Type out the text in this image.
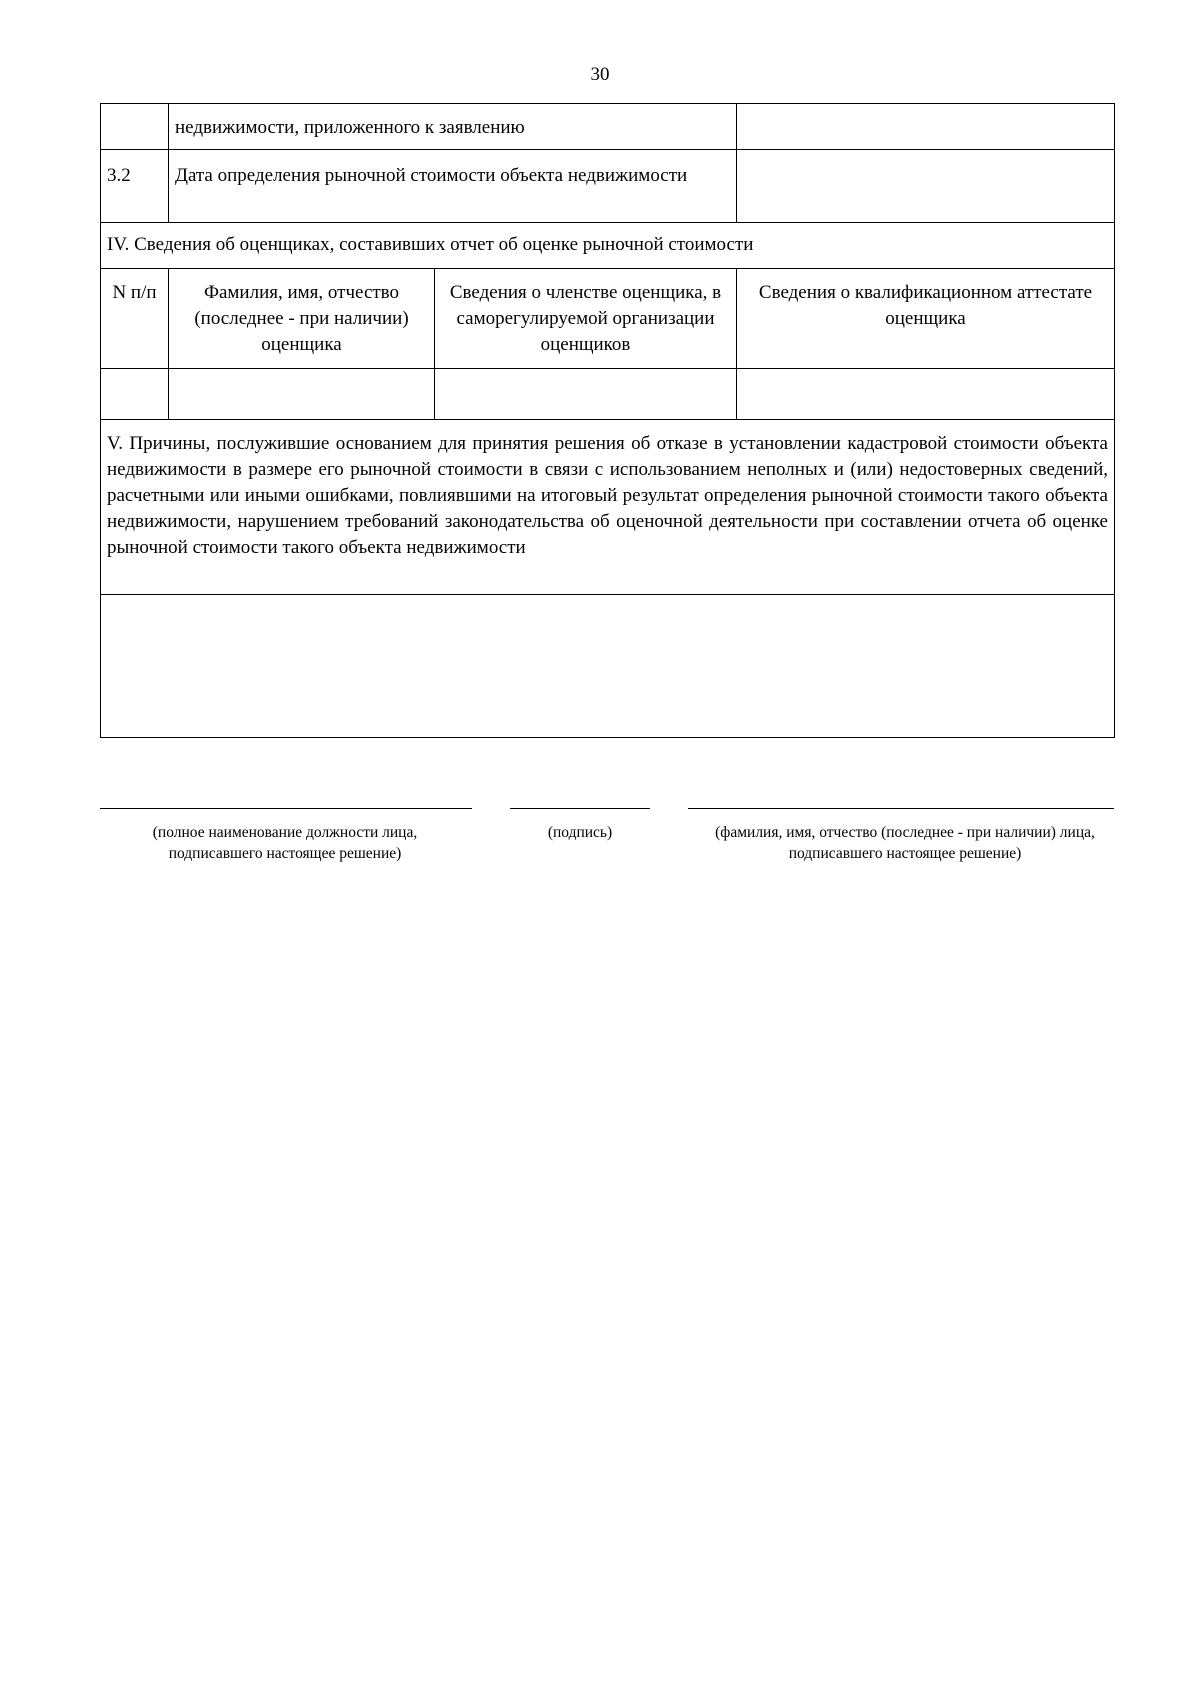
30
	недвижимости, приложенного к заявлению		
3.2	Дата определения рыночной стоимости объекта недвижимости		
IV. Сведения об оценщиках, составивших отчет об оценке рыночной стоимости			
N п/п	Фамилия, имя, отчество (последнее - при наличии) оценщика	Сведения о членстве оценщика, в саморегулируемой организации оценщиков	Сведения о квалификационном аттестате оценщика

V. Причины, послужившие основанием для принятия решения об отказе в установлении кадастровой стоимости объекта недвижимости в размере его рыночной стоимости в связи с использованием неполных и (или) недостоверных сведений, расчетными или иными ошибками, повлиявшими на итоговый результат определения рыночной стоимости такого объекта недвижимости, нарушением требований законодательства об оценочной деятельности при составлении отчета об оценке рыночной стоимости такого объекта недвижимости			

(полное наименование должности лица, подписавшего настоящее решение)
(подпись)	(фамилия, имя, отчество (последнее - при наличии) лица, подписавшего настоящее решение)
